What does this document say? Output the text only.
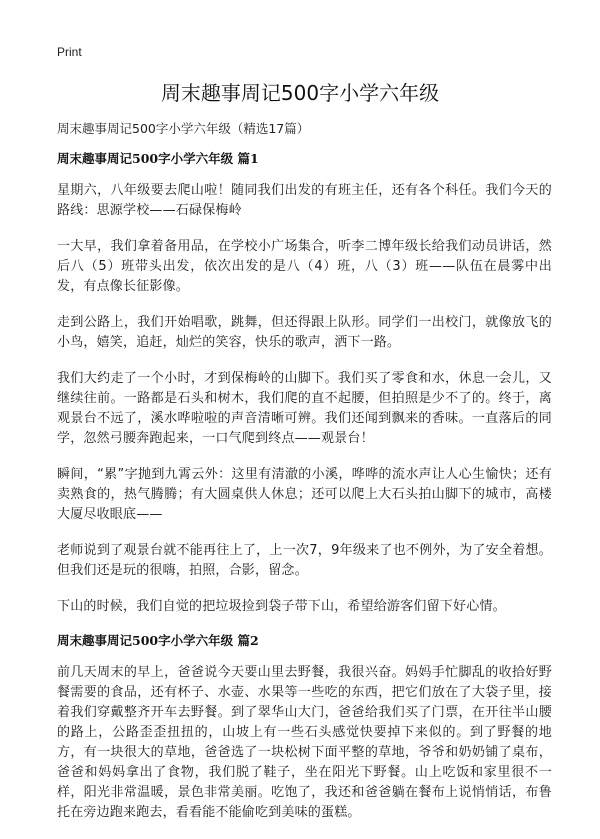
Print
周末趣事周记500字小学六年级
周末趣事周记500字小学六年级（精选17篇）
周末趣事周记500字小学六年级 篇1

星期六，八年级要去爬山啦！随同我们出发的有班主任，还有各个科任。我们今天的路线：思源学校——石碌保梅岭

一大早，我们拿着备用品，在学校小广场集合，听李二博年级长给我们动员讲话，然后八（5）班带头出发，依次出发的是八（4）班，八（3）班——队伍在晨雾中出发，有点像长征影像。

走到公路上，我们开始唱歌，跳舞，但还得跟上队形。同学们一出校门，就像放飞的小鸟，嬉笑，追赶，灿烂的笑容，快乐的歌声，洒下一路。

我们大约走了一个小时，才到保梅岭的山脚下。我们买了零食和水，休息一会儿，又继续往前。一路都是石头和树木，我们爬的直不起腰，但拍照是少不了的。终于，离观景台不远了，溪水哗啦啦的声音清晰可辨。我们还闻到飘来的香味。一直落后的同学，忽然弓腰奔跑起来，一口气爬到终点——观景台！

瞬间，“累”字抛到九霄云外：这里有清澈的小溪，哗哗的流水声让人心生愉快；还有卖熟食的，热气腾腾；有大圆桌供人休息；还可以爬上大石头拍山脚下的城市，高楼大厦尽收眼底——

老师说到了观景台就不能再往上了，上一次7，9年级来了也不例外，为了安全着想。但我们还是玩的很嗨，拍照，合影，留念。

下山的时候，我们自觉的把垃圾捡到袋子带下山，希望给游客们留下好心情。

周末趣事周记500字小学六年级 篇2

前几天周末的早上，爸爸说今天要山里去野餐，我很兴奋。妈妈手忙脚乱的收拾好野餐需要的食品，还有杯子、水壶、水果等一些吃的东西，把它们放在了大袋子里，接着我们穿戴整齐开车去野餐。到了翠华山大门，爸爸给我们买了门票，在开往半山腰的路上，公路歪歪扭扭的，山坡上有一些石头感觉快要掉下来似的。到了野餐的地方，有一块很大的草地，爸爸选了一块松树下面平整的草地，爷爷和奶奶铺了桌布，爸爸和妈妈拿出了食物，我们脱了鞋子，坐在阳光下野餐。山上吃饭和家里很不一样，阳光非常温暖，景色非常美丽。吃饱了，我还和爸爸躺在餐布上说悄悄话，布鲁托在旁边跑来跑去，看看能不能偷吃到美味的蛋糕。
